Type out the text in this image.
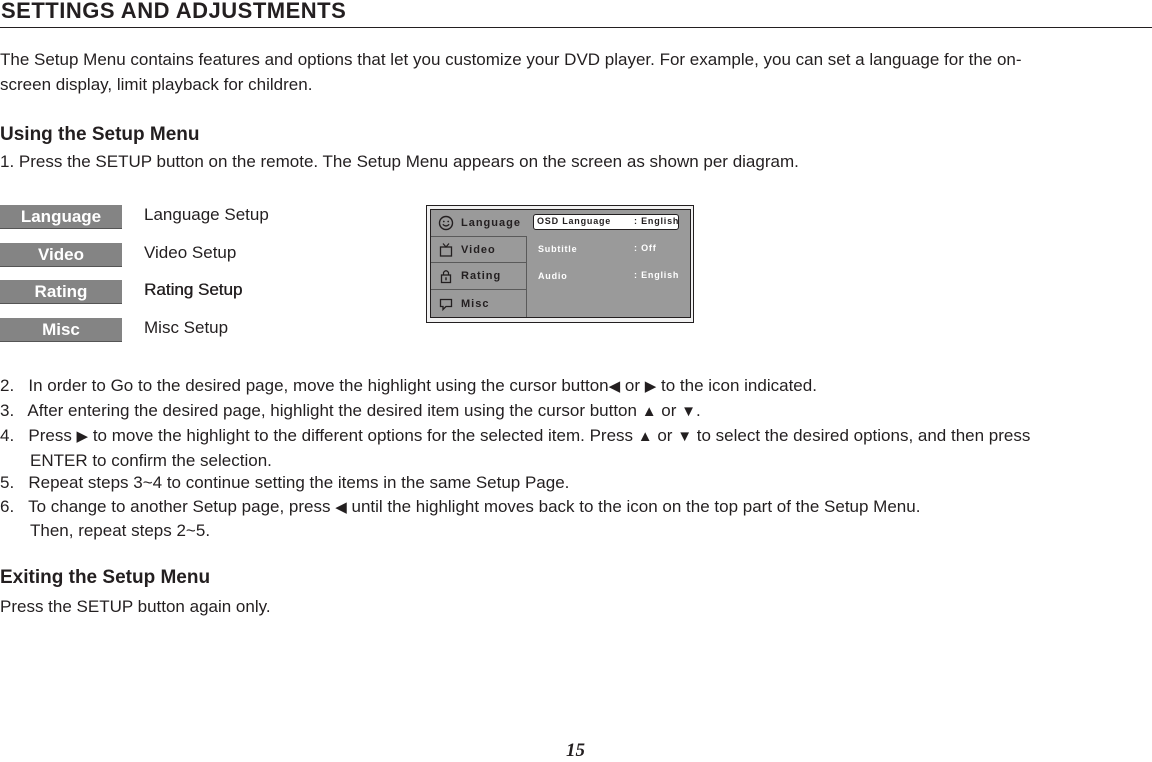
SETTINGS AND ADJUSTMENTS
The Setup Menu contains features and options that let you customize your DVD player. For example, you can set a language for the on-
screen display, limit playback for children.
Using the Setup Menu
1. Press the SETUP button on the remote. The Setup Menu appears on the screen as shown per diagram.
Language	Language Setup
Video	Video Setup
Rating	Rating Setup
Misc	Misc Setup
Language
Video
Rating
Misc
OSD Language	: English
Subtitle	: Off
Audio	: English
2. In order to Go to the desired page, move the highlight using the cursor button◀ or ▶ to the icon indicated.
3. After entering the desired page, highlight the desired item using the cursor button ▲ or ▼.
4. Press ▶ to move the highlight to the different options for the selected item. Press ▲ or ▼ to select the desired options, and then press
ENTER to confirm the selection.
5. Repeat steps 3~4 to continue setting the items in the same Setup Page.
6. To change to another Setup page, press ◀ until the highlight moves back to the icon on the top part of the Setup Menu.
Then, repeat steps 2~5.
Exiting the Setup Menu
Press the SETUP button again only.
15
